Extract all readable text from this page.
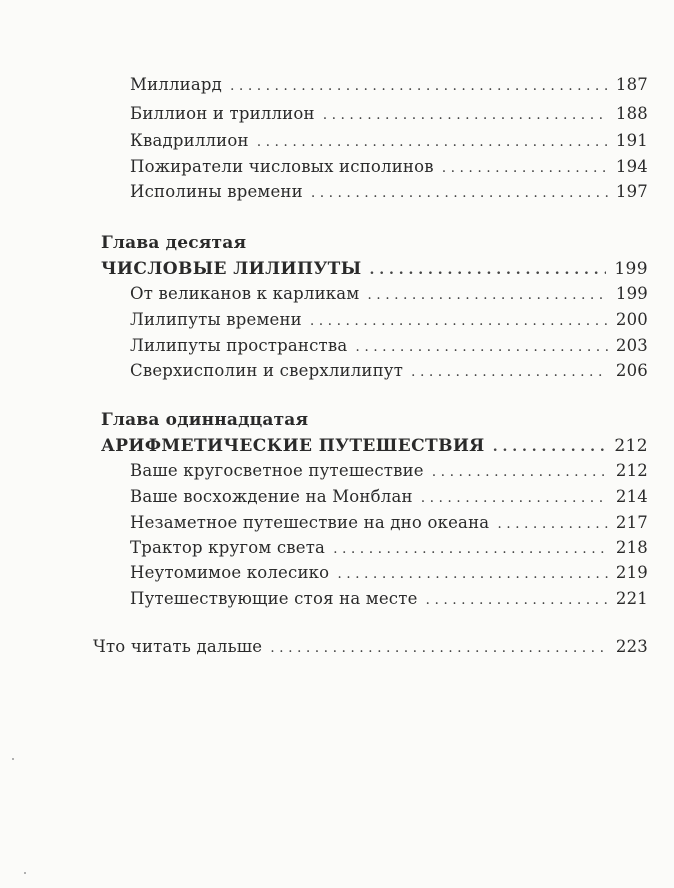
Миллиард . . .	187
Биллион и триллион . . .	188
Квадриллион . . .	191
Пожиратели числовых исполинов . . .	194
Исполины времени . . .	197
Глава десятая
ЧИСЛОВЫЕ ЛИЛИПУТЫ . . .	199
От великанов к карликам . . .	199
Лилипуты времени . . .	200
Лилипуты пространства . . .	203
Сверхисполин и сверхлилипут . . .	206
Глава одиннадцатая
АРИФМЕТИЧЕСКИЕ ПУТЕШЕСТВИЯ . . .	212
Ваше кругосветное путешествие . . .	212
Ваше восхождение на Монблан . . .	214
Незаметное путешествие на дно океана . . .	217
Трактор кругом света . . .	218
Неутомимое колесико . . .	219
Путешествующие стоя на месте . . .	221
Что читать дальше . . .	223
